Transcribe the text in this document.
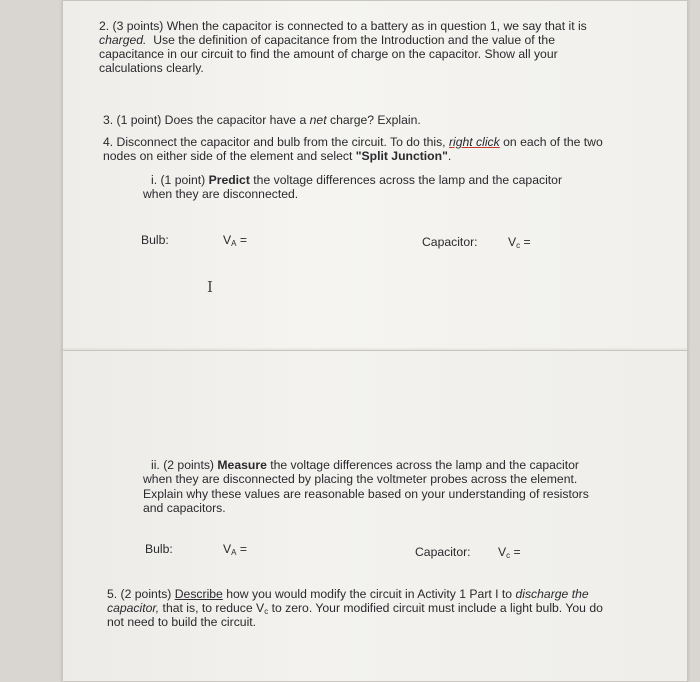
2. (3 points) When the capacitor is connected to a battery as in question 1, we say that it is
charged. Use the definition of capacitance from the Introduction and the value of the
capacitance in our circuit to find the amount of charge on the capacitor. Show all your
calculations clearly.
3. (1 point) Does the capacitor have a net charge? Explain.
4. Disconnect the capacitor and bulb from the circuit. To do this, right click on each of the two
nodes on either side of the element and select "Split Junction".
i. (1 point) Predict the voltage differences across the lamp and the capacitor
when they are disconnected.
Bulb:	VA =	Capacitor: Vc =
I
ii. (2 points) Measure the voltage differences across the lamp and the capacitor
when they are disconnected by placing the voltmeter probes across the element.
Explain why these values are reasonable based on your understanding of resistors
and capacitors.
Bulb:	VA =	Capacitor: Vc =
5. (2 points) Describe how you would modify the circuit in Activity 1 Part I to discharge the
capacitor, that is, to reduce Vc to zero. Your modified circuit must include a light bulb. You do
not need to build the circuit.
